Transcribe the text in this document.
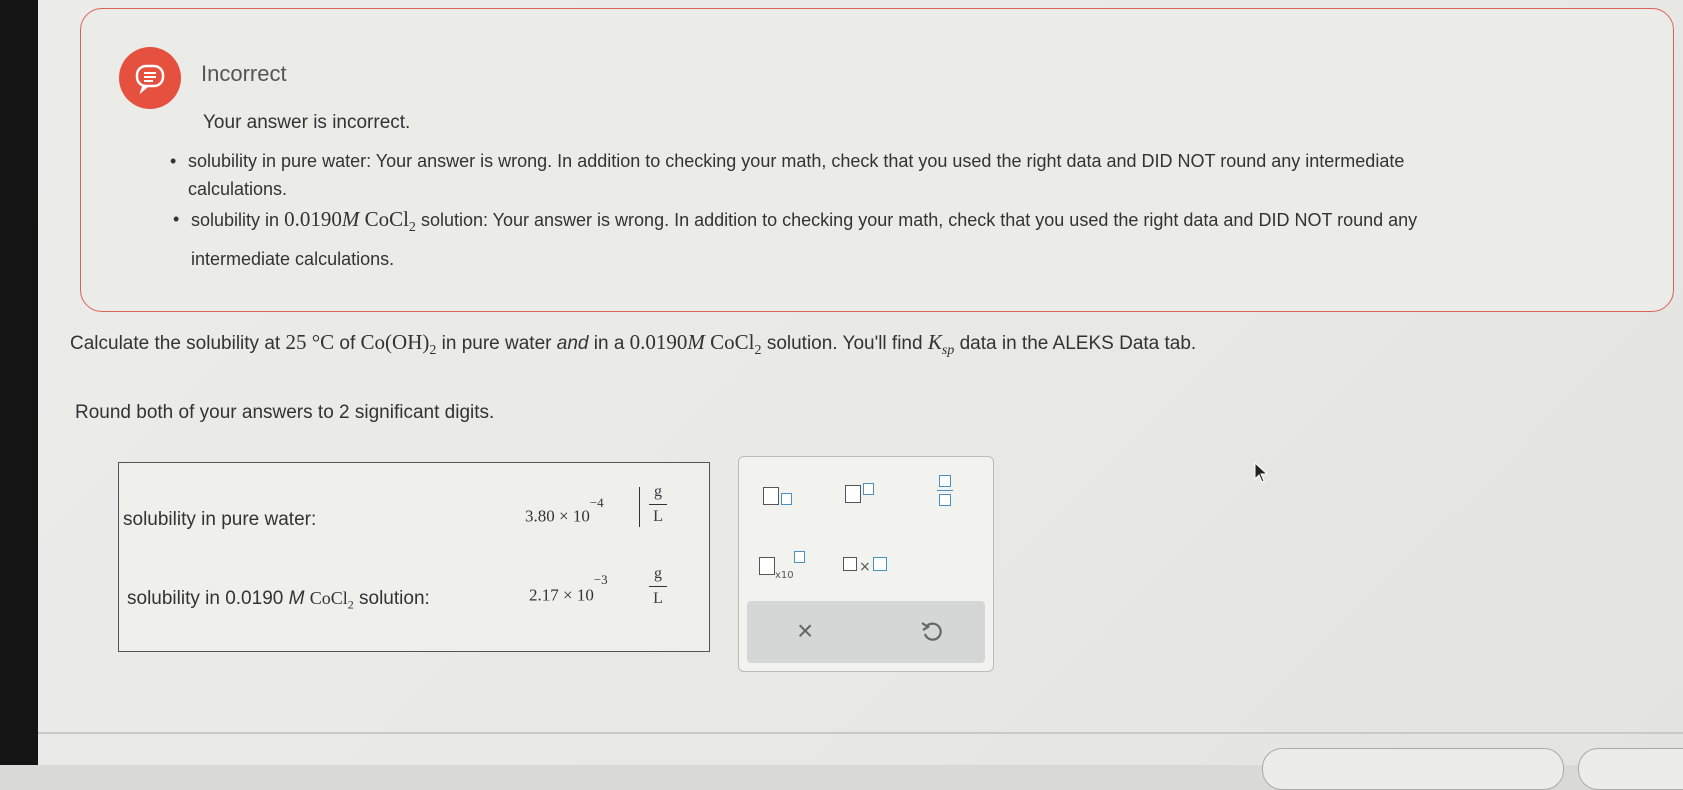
Incorrect
Your answer is incorrect.
• solubility in pure water: Your answer is wrong. In addition to checking your math, check that you used the right data and DID NOT round any intermediate
calculations.
• solubility in 0.0190M CoCl$_2$ solution: Your answer is wrong. In addition to checking your math, check that you used the right data and DID NOT round any
intermediate calculations.
Calculate the solubility at 25 °C of $Co(OH)_2$ in pure water and in a 0.0190M CoCl$_2$ solution. You'll find $K_{sp}$ data in the ALEKS Data tab.
Round both of your answers to 2 significant digits.
solubility in pure water:	$3.80 \times 10^{-4}$
g
L
solubility in 0.0190 M CoCl$_2$ solution:	$2.17 \times 10^{-3}$	g
L
x10
×
×
